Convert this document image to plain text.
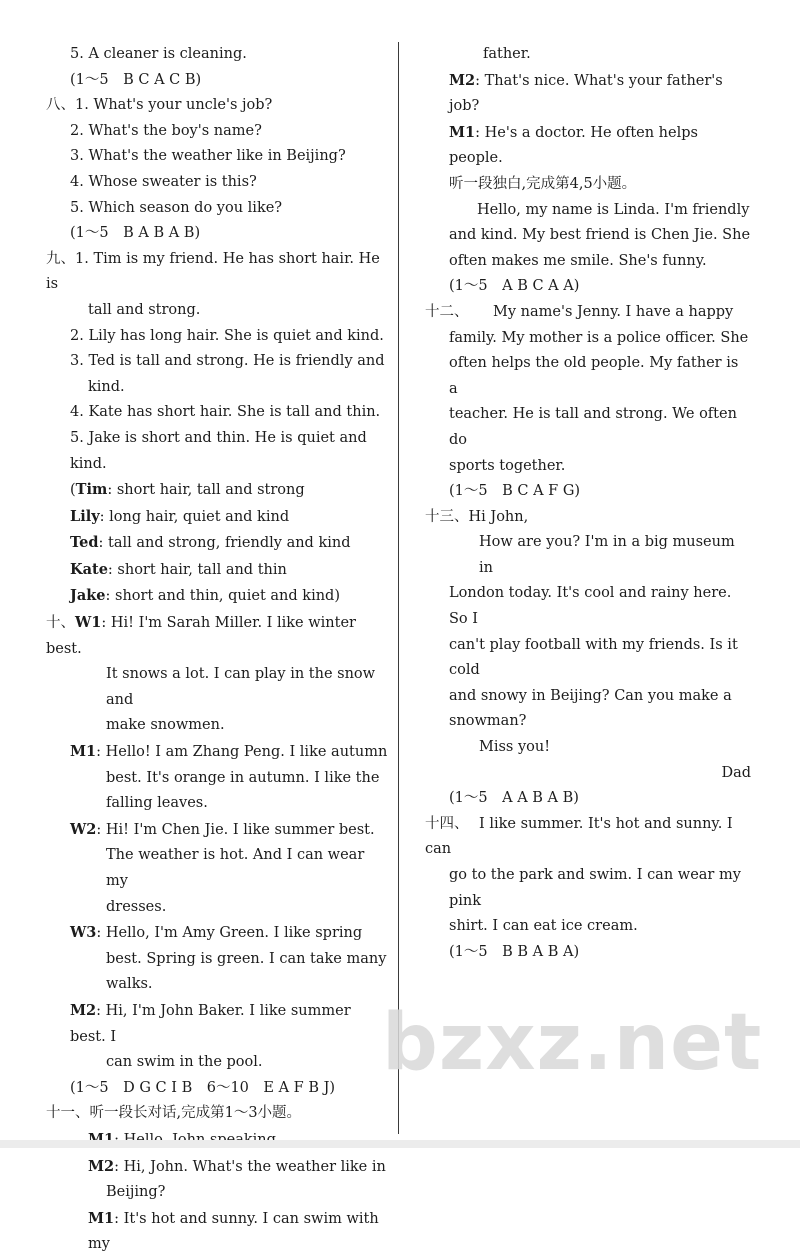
5. A cleaner is cleaning.
(1～5　B C A C B)
八、1. What's your uncle's job?
2. What's the boy's name?
3. What's the weather like in Beijing?
4. Whose sweater is this?
5. Which season do you like?
(1～5　B A B A B)
九、1. Tim is my friend. He has short hair. He is
tall and strong.
2. Lily has long hair. She is quiet and kind.
3. Ted is tall and strong. He is friendly and
kind.
4. Kate has short hair. She is tall and thin.
5. Jake is short and thin. He is quiet and kind.
(Tim: short hair, tall and strong
Lily: long hair, quiet and kind
Ted: tall and strong, friendly and kind
Kate: short hair, tall and thin
Jake: short and thin, quiet and kind)
十、W1: Hi! I'm Sarah Miller. I like winter best.
It snows a lot. I can play in the snow and
make snowmen.
M1: Hello! I am Zhang Peng. I like autumn
best. It's orange in autumn. I like the
falling leaves.
W2: Hi! I'm Chen Jie. I like summer best.
The weather is hot. And I can wear my
dresses.
W3: Hello, I'm Amy Green. I like spring
best. Spring is green. I can take many
walks.
M2: Hi, I'm John Baker. I like summer best. I
can swim in the pool.
(1～5　D G C I B　6～10　E A F B J)
十一、听一段长对话,完成第1～3小题。
M2: Hi, John. What's the weather like in
Beijing?
M1: It's hot and sunny. I can swim with my
father.
M2: That's nice. What's your father's job?
M1: He's a doctor. He often helps people.
听一段独白,完成第4,5小题。
Hello, my name is Linda. I'm friendly
and kind. My best friend is Chen Jie. She
often makes me smile. She's funny.
(1～5　A B C A A)
十二、 My name's Jenny. I have a happy
family. My mother is a police officer. She
often helps the old people. My father is a
teacher. He is tall and strong. We often do
sports together.
(1～5　B C A F G)
十三、Hi John,
How are you? I'm in a big museum in
London today. It's cool and rainy here. So I
can't play football with my friends. Is it cold
and snowy in Beijing? Can you make a
snowman?
Miss you!
Dad
(1～5　A A B A B)
十四、 I like summer. It's hot and sunny. I can
go to the park and swim. I can wear my pink
shirt. I can eat ice cream.
(1～5　B B A B A)
bzxz.net
